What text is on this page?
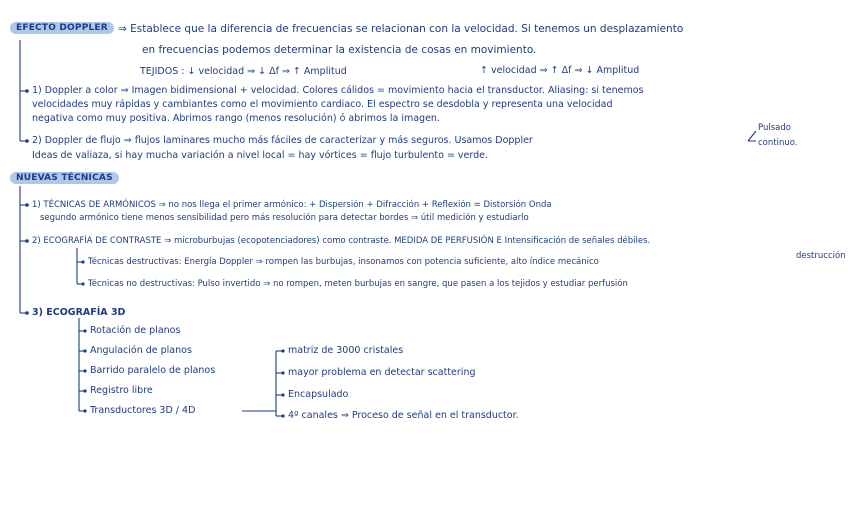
EFECTO DOPPLER ⇒ Establece que la diferencia de frecuencias se relacionan con la velocidad. Si tenemos un desplazamiento
en frecuencias podemos determinar la existencia de cosas en movimiento.
TEJIDOS : ↓ velocidad ⇒ ↓ Δf ⇒ ↑ Amplitud	↑ velocidad ⇒ ↑ Δf ⇒ ↓ Amplitud
1) Doppler a color ⇒ Imagen bidimensional + velocidad. Colores cálidos = movimiento hacia el transductor. Aliasing: si tenemos
velocidades muy rápidas y cambiantes como el movimiento cardiaco. El espectro se desdobla y representa una velocidad
negativa como muy positiva. Abrimos rango (menos resolución) ó abrimos la imagen.
2) Doppler de flujo ⇒ flujos laminares mucho más fáciles de caracterizar y más seguros. Usamos Doppler
Ideas de valiaza, si hay mucha variación a nivel local = hay vórtices = flujo turbulento = verde.
Pulsado
continuo.
NUEVAS TÉCNICAS
1) TÉCNICAS DE ARMÓNICOS ⇒ no nos llega el primer armónico: + Dispersión + Difracción + Reflexión = Distorsión Onda
segundo armónico tiene menos sensibilidad pero más resolución para detectar bordes ⇒ útil medición y estudiarlo
2) ECOGRAFÍA DE CONTRASTE ⇒ microburbujas (ecopotenciadores) como contraste. MEDIDA DE PERFUSIÓN E Intensificación de señales débiles.
Técnicas destructivas: Energía Doppler ⇒ rompen las burbujas, insonamos con potencia suficiente, alto índice mecánico
destrucción
Técnicas no destructivas: Pulso invertido ⇒ no rompen, meten burbujas en sangre, que pasen a los tejidos y estudiar perfusión
3) ECOGRAFÍA 3D
Rotación de planos
Angulación de planos
Barrido paralelo de planos
Registro libre
Transductores 3D / 4D
matriz de 3000 cristales
mayor problema en detectar scattering
Encapsulado
4º canales ⇒ Proceso de señal en el transductor.
